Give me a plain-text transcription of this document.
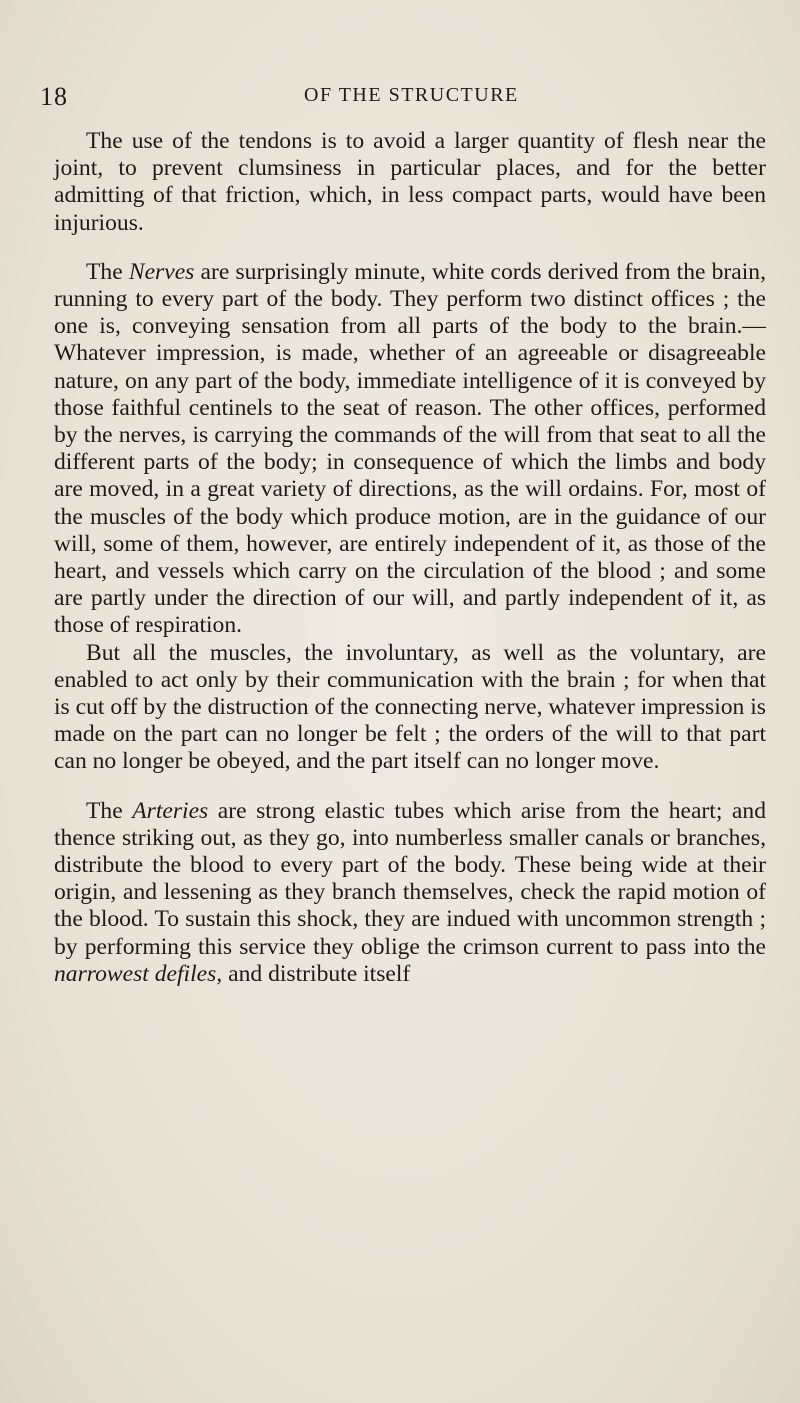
18	OF THE STRUCTURE

The use of the tendons is to avoid a larger quantity of flesh near the joint, to prevent clumsiness in particular places, and for the better admitting of that friction, which, in less compact parts, would have been injurious.

The Nerves are surprisingly minute, white cords derived from the brain, running to every part of the body. They perform two distinct offices ; the one is, conveying sensation from all parts of the body to the brain.— Whatever impression, is made, whether of an agreeable or disagreeable nature, on any part of the body, immediate intelligence of it is conveyed by those faithful centinels to the seat of reason. The other offices, performed by the nerves, is carrying the commands of the will from that seat to all the different parts of the body; in consequence of which the limbs and body are moved, in a great variety of directions, as the will ordains. For, most of the muscles of the body which produce motion, are in the guidance of our will, some of them, however, are entirely independent of it, as those of the heart, and vessels which carry on the circulation of the blood ; and some are partly under the direction of our will, and partly independent of it, as those of respiration.

But all the muscles, the involuntary, as well as the voluntary, are enabled to act only by their communication with the brain ; for when that is cut off by the distruction of the connecting nerve, whatever impression is made on the part can no longer be felt ; the orders of the will to that part can no longer be obeyed, and the part itself can no longer move.

The Arteries are strong elastic tubes which arise from the heart; and thence striking out, as they go, into numberless smaller canals or branches, distribute the blood to every part of the body. These being wide at their origin, and lessening as they branch themselves, check the rapid motion of the blood. To sustain this shock, they are indued with uncommon strength ; by performing this service they oblige the crimson current to pass into the narrowest defiles, and distribute itself
